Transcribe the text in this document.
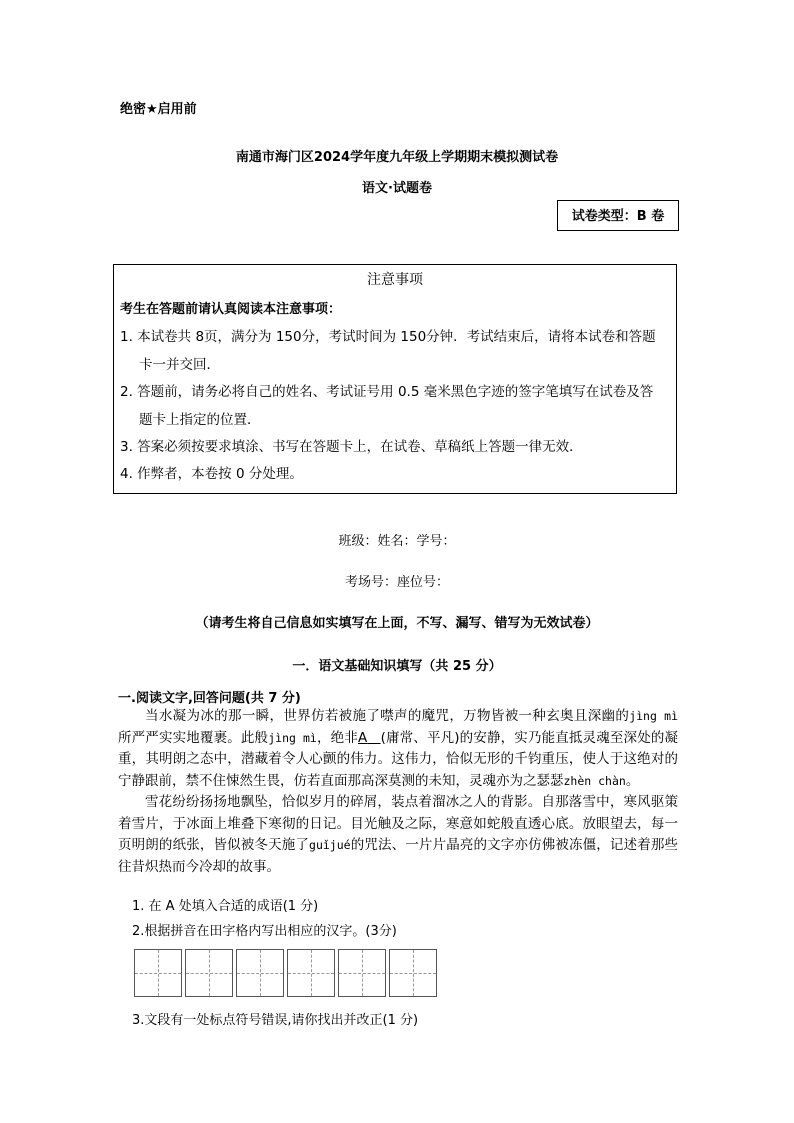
绝密★启用前
南通市海门区2024学年度九年级上学期期末模拟测试卷
语文·试题卷
试卷类型：B 卷
注意事项
考生在答题前请认真阅读本注意事项：
1. 本试卷共 8页，满分为 150分，考试时间为 150分钟．考试结束后，请将本试卷和答题
卡一并交回．
2. 答题前，请务必将自己的姓名、考试证号用 0.5 毫米黑色字迹的签字笔填写在试卷及答
题卡上指定的位置．
3. 答案必须按要求填涂、书写在答题卡上，在试卷、草稿纸上答题一律无效．
4. 作弊者，本卷按 0 分处理。
班级：姓名：学号：
考场号：座位号：
（请考生将自己信息如实填写在上面，不写、漏写、错写为无效试卷）
一．语文基础知识填写（共 25 分）
一.阅读文字,回答问题(共 7 分)

当水凝为冰的那一瞬，世界仿若被施了噤声的魔咒，万物皆被一种玄奥且深幽的jìng mì所严严实实地覆裹。此般jìng mì，绝非A (庸常、平凡)的安静，实乃能直抵灵魂至深处的凝重，其明朗之态中，潜藏着令人心颤的伟力。这伟力，恰似无形的千钧重压，使人于这绝对的宁静跟前，禁不住悚然生畏，仿若直面那高深莫测的未知，灵魂亦为之瑟瑟zhèn chàn。

雪花纷纷扬扬地飘坠，恰似岁月的碎屑，装点着溜冰之人的背影。自那落雪中，寒风驱策着雪片，于冰面上堆叠下寒彻的日记。目光触及之际，寒意如蛇般直透心底。放眼望去，每一页明朗的纸张，皆似被冬天施了guǐjué的咒法、一片片晶亮的文字亦仿佛被冻僵，记述着那些往昔炽热而今冷却的故事。

1. 在 A 处填入合适的成语(1 分)
2.根据拼音在田字格内写出相应的汉字。(3分)
3.文段有一处标点符号错误,请你找出并改正(1 分)
